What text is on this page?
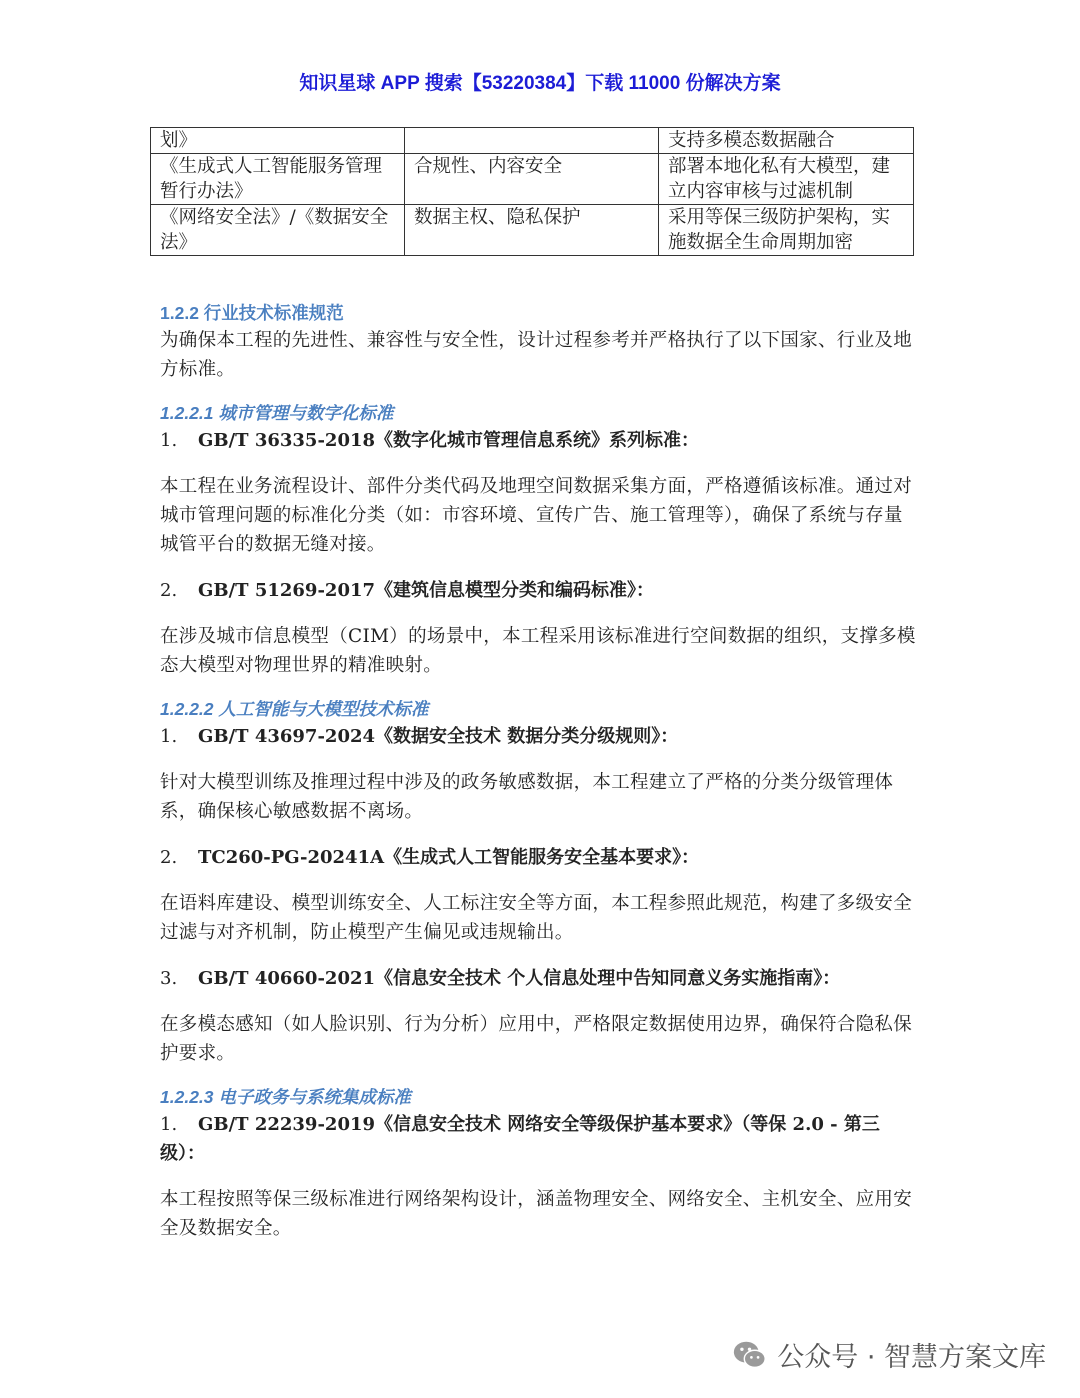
知识星球 APP 搜索【53220384】下载 11000 份解决方案
划》		支持多模态数据融合
《生成式人工智能服务管理暂行办法》	合规性、内容安全	部署本地化私有大模型，建立内容审核与过滤机制
《网络安全法》/《数据安全法》	数据主权、隐私保护	采用等保三级防护架构，实施数据全生命周期加密
1.2.2 行业技术标准规范

为确保本工程的先进性、兼容性与安全性，设计过程参考并严格执行了以下国家、行业及地方标准。

1.2.2.1 城市管理与数字化标准
1. GB/T 36335-2018《数字化城市管理信息系统》系列标准：

本工程在业务流程设计、部件分类代码及地理空间数据采集方面，严格遵循该标准。通过对城市管理问题的标准化分类（如：市容环境、宣传广告、施工管理等），确保了系统与存量城管平台的数据无缝对接。

2. GB/T 51269-2017《建筑信息模型分类和编码标准》：

在涉及城市信息模型（CIM）的场景中，本工程采用该标准进行空间数据的组织，支撑多模态大模型对物理世界的精准映射。

1.2.2.2 人工智能与大模型技术标准
1. GB/T 43697-2024《数据安全技术 数据分类分级规则》：

针对大模型训练及推理过程中涉及的政务敏感数据，本工程建立了严格的分类分级管理体系，确保核心敏感数据不离场。

2. TC260-PG-20241A《生成式人工智能服务安全基本要求》：

在语料库建设、模型训练安全、人工标注安全等方面，本工程参照此规范，构建了多级安全过滤与对齐机制，防止模型产生偏见或违规输出。

3. GB/T 40660-2021《信息安全技术 个人信息处理中告知同意义务实施指南》：

在多模态感知（如人脸识别、行为分析）应用中，严格限定数据使用边界，确保符合隐私保护要求。

1.2.2.3 电子政务与系统集成标准
1. GB/T 22239-2019《信息安全技术 网络安全等级保护基本要求》（等保 2.0 - 第三级）：

本工程按照等保三级标准进行网络架构设计，涵盖物理安全、网络安全、主机安全、应用安全及数据安全。

公众号 · 智慧方案文库
